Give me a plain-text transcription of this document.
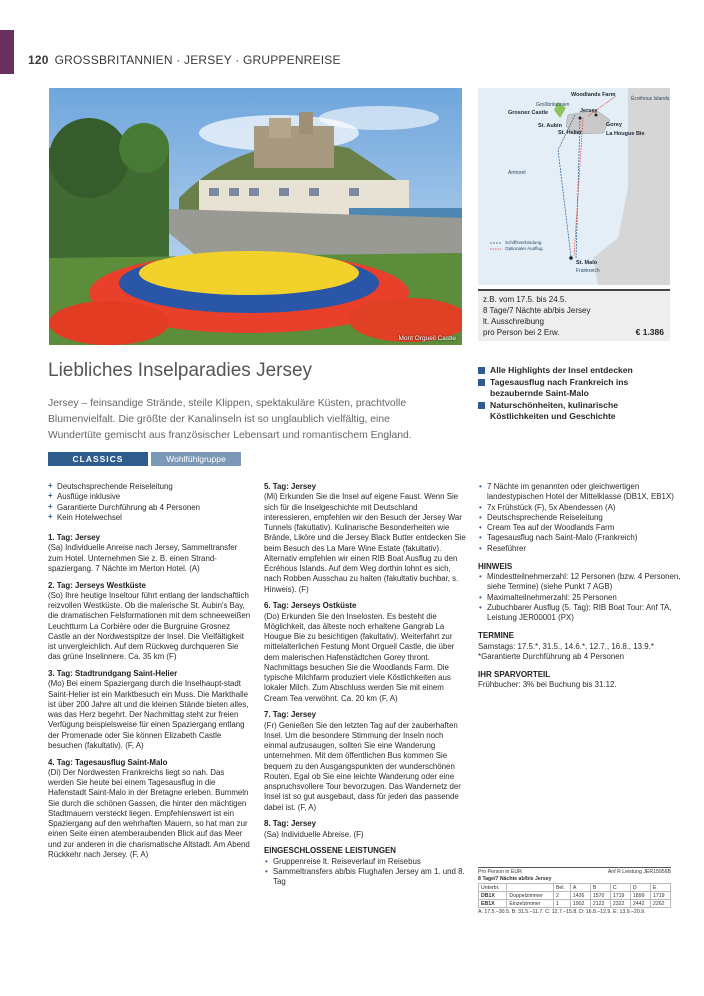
120 GROSSBRITANNIEN · JERSEY · GRUPPENREISE
Mont Orgueil Castle
Woodlands Farm
Écréhous Islands
Großbritannien
Grosnez Castle	Jersey
St. Aubin
St. Helier
Gorey
La Hougue Bie
Armorel
St. Malo
Frankreich
Schiffsverbindung
Optionaler Ausflug
z.B. vom 17.5. bis 24.5.
8 Tage/7 Nächte ab/bis Jersey
lt. Ausschreibung
pro Person bei 2 Erw.	€ 1.386
Liebliches Inselparadies Jersey
Jersey – feinsandige Strände, steile Klippen, spektakuläre Küsten, prachtvolle Blumenvielfalt. Die größte der Kanalinseln ist so unglaublich vielfältig, eine Wundertüte gemischt aus französischer Lebensart und romantischem England.
Alle Highlights der Insel entdecken
Tagesausflug nach Frankreich ins bezaubernde Saint-Malo
Naturschönheiten, kulinarische Köstlichkeiten und Geschichte
CLASSICS	Wohlfühlgruppe
+ Deutschsprechende Reiseleitung
+ Ausflüge inklusive
+ Garantierte Durchführung ab 4 Personen
+ Kein Hotelwechsel
1. Tag: Jersey

(Sa) Individuelle Anreise nach Jersey, Sammeltransfer zum Hotel. Unternehmen Sie z. B. einen Strand-spaziergang. 7 Nächte im Merton Hotel. (A)

2. Tag: Jerseys Westküste

(So) Ihre heutige Inseltour führt entlang der landschaftlich reizvollen Westküste. Ob die malerische St. Aubin's Bay, die dramatischen Felsformationen mit dem schneeweißen Leuchtturm La Corbière oder die Burgruine Grosnez Castle an der Nordwestspitze der Insel. Die Vielfältigkeit ist unvergleichlich. Auf dem Rückweg durchqueren Sie das grüne Inselinnere. Ca. 35 km (F)

3. Tag: Stadtrundgang Saint-Helier

(Mo) Bei einem Spaziergang durch die Inselhaupt-stadt Saint-Helier ist ein Marktbesuch ein Muss. Die Markthalle ist über 200 Jahre alt und die kleinen Stände bieten alles, was das Herz begehrt. Der Nachmittag steht zur freien Verfügung beispielsweise für einen Spaziergang entlang der Promenade oder Sie können Elizabeth Castle besuchen (fakultativ). (F, A)

4. Tag: Tagesausflug Saint-Malo

(Di) Der Nordwesten Frankreichs liegt so nah. Das werden Sie heute bei einem Tagesausflug in die Hafenstadt Saint-Malo in der Bretagne erleben. Bummeln Sie durch die schönen Gassen, die hinter den mächtigen Stadtmauern versteckt liegen. Empfehlenswert ist ein Spaziergang auf den wehrhaften Mauern, so hat man zur einen Seite einen atemberaubenden Blick auf das Meer und zur anderen in die charismatische Altstadt. Am Abend Rückkehr nach Jersey. (F, A)

5. Tag: Jersey

(Mi) Erkunden Sie die Insel auf eigene Faust. Wenn Sie sich für die Inselgeschichte mit Deutschland interessieren, empfehlen wir den Besuch der Jersey War Tunnels (fakultativ). Kulinarische Besonderheiten wie Brände, Liköre und die Jersey Black Butter entdecken Sie beim Besuch des La Mare Wine Estate (fakultativ). Alternativ empfehlen wir einen RIB Boat Ausflug zu den Écréhous Islands. Auf dem Weg dorthin lohnt es sich, nach Robben Ausschau zu halten (fakultativ buchbar, s. Hinweis). (F)

6. Tag: Jerseys Ostküste

(Do) Erkunden Sie den Inselosten. Es besteht die Möglichkeit, das älteste noch erhaltene Gangrab La Hougue Bie zu besichtigen (fakultativ). Weiterfahrt zur mittelalterlichen Festung Mont Orgueil Castle, die über dem malerischen Hafenstädtchen Gorey thront. Nachmittags besuchen Sie die Woodlands Farm. Die typische Milchfarm produziert viele Köstlichkeiten aus lokaler Milch. Zum Abschluss werden Sie mit einem Cream Tea verwöhnt. Ca. 20 km (F, A)

7. Tag: Jersey

(Fr) Genießen Sie den letzten Tag auf der zauberhaften Insel. Um die besondere Stimmung der Inseln noch einmal aufzusaugen, sollten Sie eine Wanderung unternehmen. Mit dem öffentlichen Bus kommen Sie bequem zu den Ausgangspunkten der wunderschönen Routen. Egal ob Sie eine leichte Wanderung oder eine anspruchsvollere Tour bevorzugen. Das Wandernetz der Insel ist so gut ausgebaut, dass für jeden das passende dabei ist. (F, A)

8. Tag: Jersey

(Sa) Individuelle Abreise. (F)

EINGESCHLOSSENE LEISTUNGEN
• Gruppenreise lt. Reiseverlauf im Reisebus
• Sammeltransfers ab/bis Flughafen Jersey am 1. und 8. Tag
• 7 Nächte im genannten oder gleichwertigen landestypischen Hotel der Mittelklasse (DB1X, EB1X)
• 7x Frühstück (F), 5x Abendessen (A)
• Deutschsprechende Reiseleitung
• Cream Tea auf der Woodlands Farm
• Tagesausflug nach Saint-Malo (Frankreich)
• Reseführer
HINWEIS
• Mindestteilnehmerzahl: 12 Personen (bzw. 4 Personen, siehe Termine) (siehe Punkt 7 AGB)
• Maximalteilnehmerzahl: 25 Personen
• Zubuchbarer Ausflug (5. Tag): RIB Boat Tour: Anf TA, Leistung JER00001 (PX)
TERMINE
Samstags: 17.5.*, 31.5., 14.6.*, 12.7., 16.8., 13.9.*
*Garantierte Durchführung ab 4 Personen
IHR SPARVORTEIL
Frühbucher: 3% bei Buchung bis 31.12.
Pro Person in EUR	Anf R Leistung JER15956B
8 Tage/7 Nächte ab/bis Jersey
Unterbr.		Bel.	A	B	C	D	E
DB1X	Doppelzimmer	2	1426	1570	1719	1899	1719
EB1X	Einzelzimmer	1	1902	2122	2322	2442	2262
A: 17.5.–30.5. B: 31.5.–11.7. C: 12.7.–15.8. D: 16.8.–12.9. E: 13.9.–20.9.
